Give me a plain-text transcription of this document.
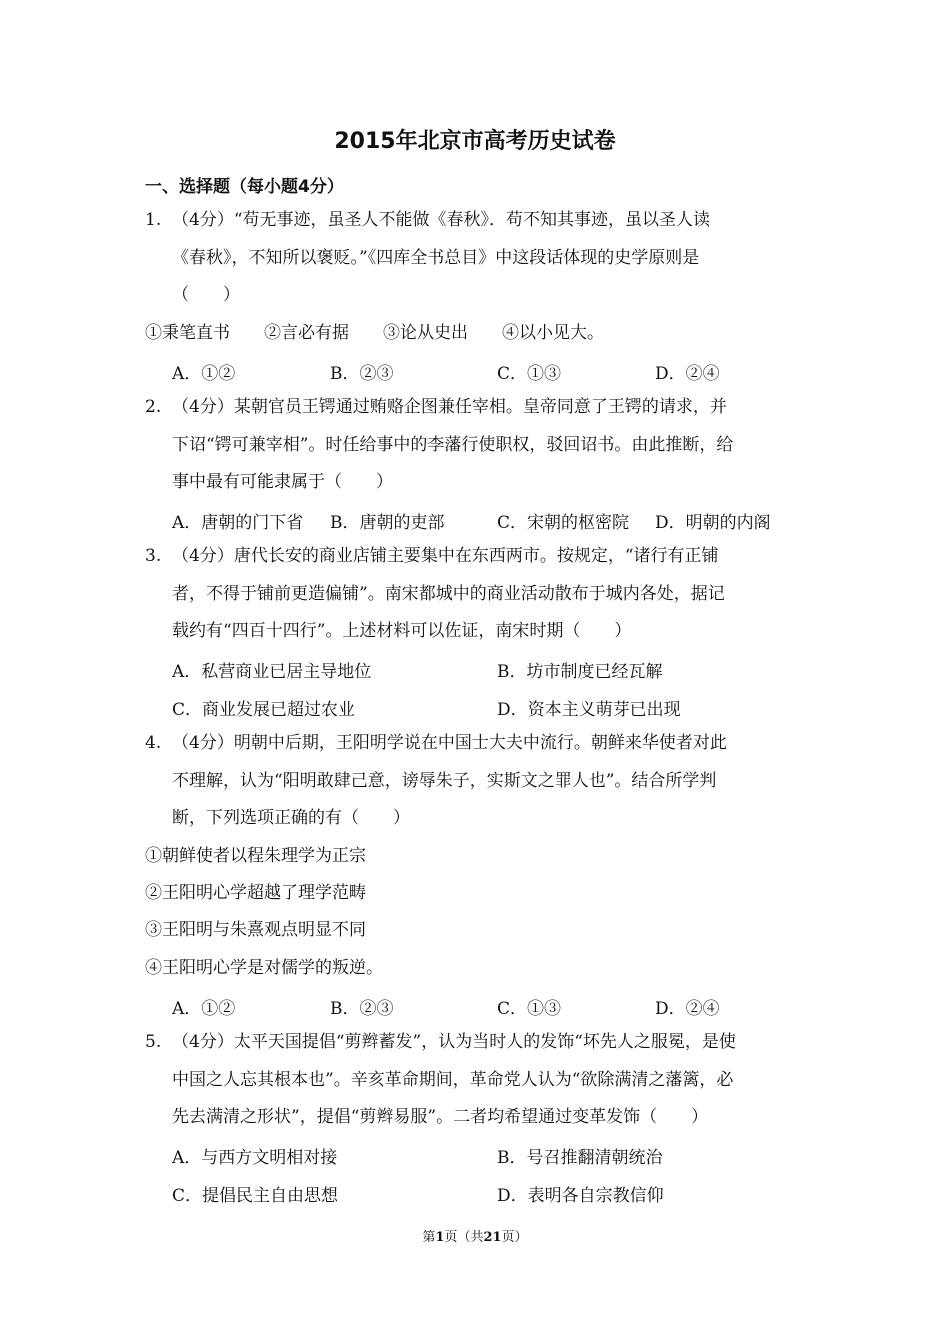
2015年北京市高考历史试卷
一、选择题（每小题4分）
1. （4分）“苟无事迹，虽圣人不能做《春秋》．苟不知其事迹，虽以圣人读
《春秋》，不知所以褒贬。”《四库全书总目》中这段话体现的史学原则是
（　　）
①秉笔直书　　②言必有据　　③论从史出　　④以小见大。
A．①②	B．②③	C．①③	D．②④
2. （4分）某朝官员王锷通过贿赂企图兼任宰相。皇帝同意了王锷的请求，并
下诏“锷可兼宰相”。时任给事中的李藩行使职权，驳回诏书。由此推断，给
事中最有可能隶属于（　　）
A．唐朝的门下省 B．唐朝的吏部	C．宋朝的枢密院 D．明朝的内阁
3. （4分）唐代长安的商业店铺主要集中在东西两市。按规定，“诸行有正铺
者，不得于铺前更造偏铺”。南宋都城中的商业活动散布于城内各处，据记
载约有“四百十四行”。上述材料可以佐证，南宋时期（　　）
A．私营商业已居主导地位	B．坊市制度已经瓦解
C．商业发展已超过农业	D．资本主义萌芽已出现
4. （4分）明朝中后期，王阳明学说在中国士大夫中流行。朝鲜来华使者对此
不理解，认为“阳明敢肆己意，谤辱朱子，实斯文之罪人也”。结合所学判
断，下列选项正确的有（　　）
①朝鲜使者以程朱理学为正宗
②王阳明心学超越了理学范畴
③王阳明与朱熹观点明显不同
④王阳明心学是对儒学的叛逆。
A．①②	B．②③	C．①③	D．②④
5. （4分）太平天国提倡“剪辫蓄发”，认为当时人的发饰“坏先人之服冕，是使
中国之人忘其根本也”。辛亥革命期间，革命党人认为“欲除满清之藩篱，必
先去满清之形状”，提倡“剪辫易服”。二者均希望通过变革发饰（　　）
A．与西方文明相对接	B．号召推翻清朝统治
C．提倡民主自由思想	D．表明各自宗教信仰
第1页（共21页）
